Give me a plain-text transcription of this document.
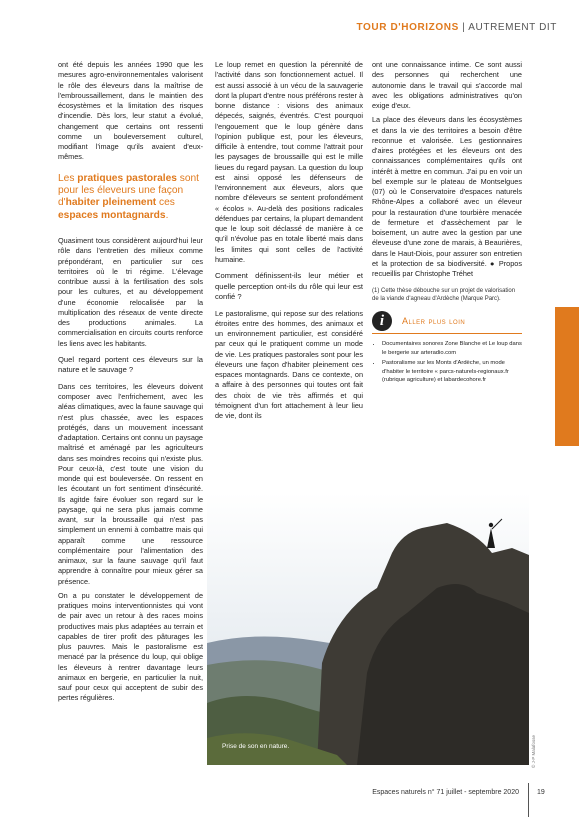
TOUR D'HORIZONS | AUTREMENT DIT

ont été depuis les années 1990 que les mesures agro-environnementales valorisent le rôle des éleveurs dans la maîtrise de l'embroussaillement, dans le maintien des écosystèmes et la limitation des risques d'incendie. Dès lors, leur statut a évolué, changement que certains ont ressenti comme un bouleversement culturel, modifiant l'image qu'ils avaient d'eux-mêmes.

Les pratiques pastorales sont pour les éleveurs une façon d'habiter pleinement ces espaces montagnards.

Quasiment tous considèrent aujourd'hui leur rôle dans l'entretien des milieux comme prépondérant, en particulier sur ces territoires où le tri régime. L'élevage contribue aussi à la fertilisation des sols pour les cultures, et au développement d'une économie relocalisée par la multiplication des réseaux de vente directe des productions animales. La commercialisation en circuits courts renforce les liens avec les habitants.

Quel regard portent ces éleveurs sur la nature et le sauvage ?

Dans ces territoires, les éleveurs doivent composer avec l'enfrichement, avec les aléas climatiques, avec la faune sauvage qui n'est plus chassée, avec les espaces protégés, dans un mouvement incessant d'adaptation. Certains ont connu un paysage maîtrisé et aménagé par les agriculteurs dans ses moindres recoins qui n'existe plus. Pour ceux-là, c'est toute une vision du monde qui est bouleversée. On ressent en les écoutant un fort sentiment d'insécurité. Ils agitde faire évoluer son regard sur le paysage, qui ne sera plus jamais comme avant, sur la broussaille qui n'est pas simplement un ennemi à combattre mais qui apparaît comme une ressource complémentaire pour l'alimentation des animaux, sur la faune sauvage qu'il faut apprendre à connaître pour mieux gérer sa présence.

On a pu constater le développement de pratiques moins interventionnistes qui vont de pair avec un retour à des races moins productives mais plus adaptées au terrain et capables de tirer profit des pâturages les plus pauvres. Mais le pastoralisme est menacé par la présence du loup, qui oblige les éleveurs à rentrer davantage leurs animaux en bergerie, en particulier la nuit, sauf pour ceux qui acceptent de subir des pertes régulières.

Le loup remet en question la pérennité de l'activité dans son fonctionnement actuel. Il est aussi associé à un vécu de la sauvagerie dont la plupart d'entre nous préférons rester à bonne distance : visions des animaux dépecés, saignés, éventrés. C'est pourquoi l'engouement que le loup génère dans l'opinion publique est, pour les éleveurs, difficile à entendre, tout comme l'attrait pour les paysages de broussaille qui est le mille lieues du regard paysan. La question du loup est ainsi opposé les défenseurs de l'environnement aux éleveurs, alors que nombre d'éleveurs se sentent profondément « écolos ». Au-delà des positions radicales défendues par certains, la plupart demandent que le loup soit déclassé de manière à ce qu'il n'évolue pas en totale liberté mais dans les limites qui sont celles de l'activité humaine.

Comment définissent-ils leur métier et quelle perception ont-ils du rôle qui leur est confié ?

Le pastoralisme, qui repose sur des relations étroites entre des hommes, des animaux et un environnement particulier, est considéré par ceux qui le pratiquent comme un mode de vie. Les pratiques pastorales sont pour les éleveurs une façon d'habiter pleinement ces espaces montagnards. Dans ce contexte, on a affaire à des personnes qui toutes ont fait des choix de vie très affirmés et qui témoignent d'un fort attachement à leur lieu de vie, dont ils

ont une connaissance intime. Ce sont aussi des personnes qui recherchent une autonomie dans le travail qui s'accorde mal avec les obligations administratives qu'on exige d'eux.

La place des éleveurs dans les écosystèmes et dans la vie des territoires a besoin d'être reconnue et valorisée. Les gestionnaires d'aires protégées et les éleveurs ont des connaissances complémentaires qu'ils ont intérêt à mettre en commun. J'ai pu en voir un bel exemple sur le plateau de Montselgues (07) où le Conservatoire d'espaces naturels Rhône-Alpes a collaboré avec un éleveur pour la restauration d'une tourbière menacée de fermeture et d'assèchement par le boisement, un autre avec la gestion par une éleveuse d'une zone de marais, à Beaurières, dans le Haut-Diois, pour assurer son entretien et la protection de sa biodiversité. ● Propos recueillis par Christophe Tréhet

(1) Cette thèse débouche sur un projet de valorisation de la viande d'agneau d'Ardèche (Marque Parc).
i	Aller plus loin
• Documentaires sonores Zone Blanche et Le loup dans le bergerie sur arteradio.com
• Pastoralisme sur les Monts d'Ardèche, un mode d'habiter le territoire « parcs-naturels-regionaux.fr (rubrique agriculture) et labardecohore.fr
Prise de son en nature.	© J-P Malafosse
Espaces naturels n° 71 juillet - septembre 2020	19
